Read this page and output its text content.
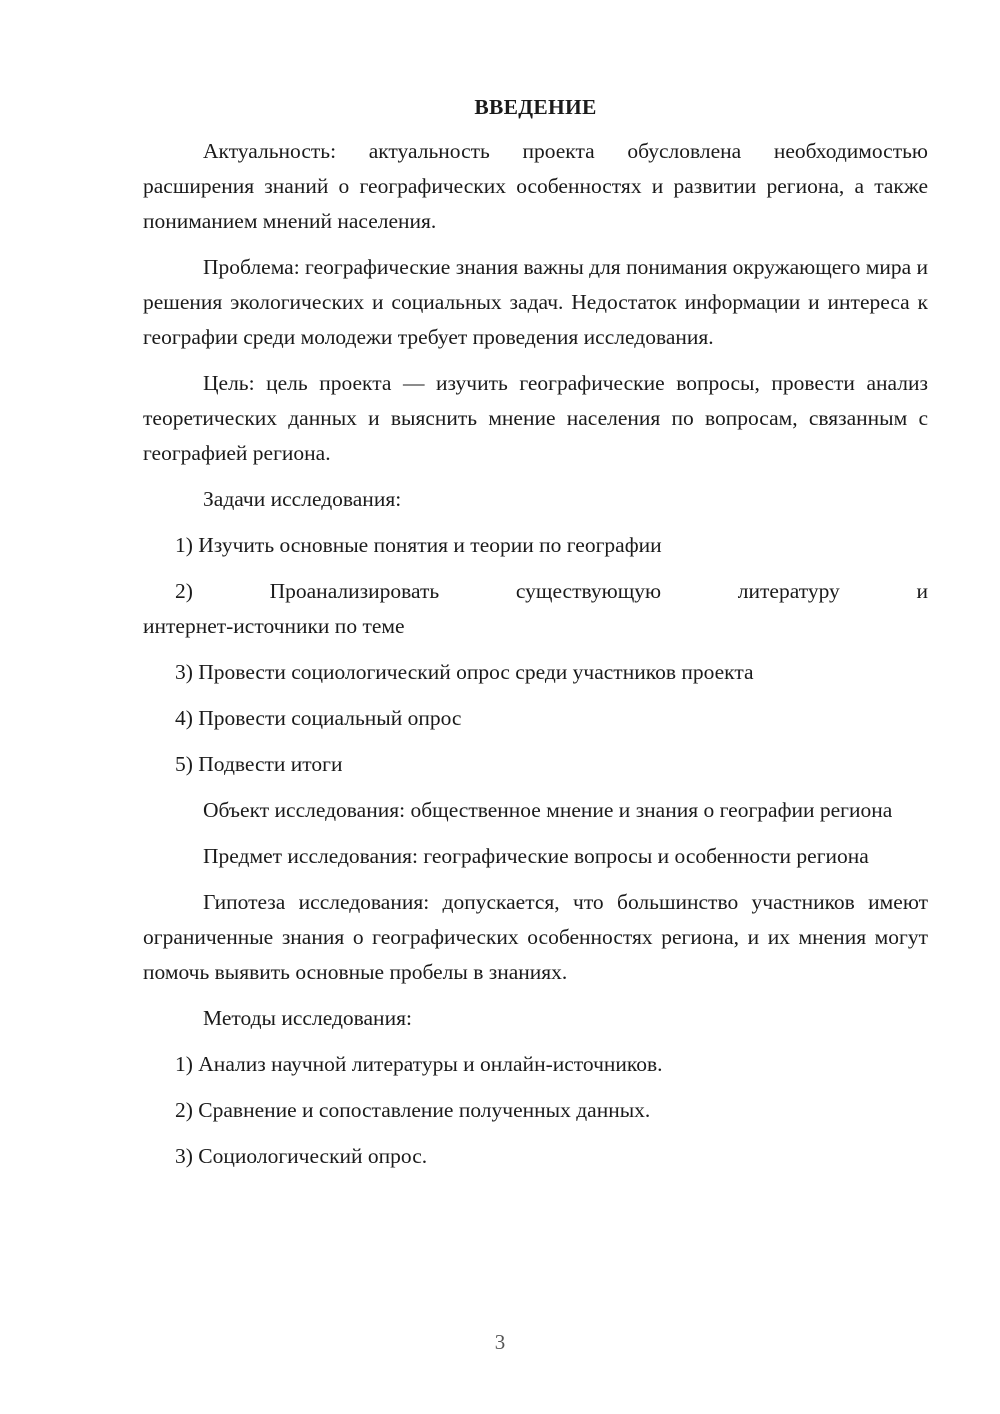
ВВЕДЕНИЕ

Актуальность: актуальность проекта обусловлена необходимостью расширения знаний о географических особенностях и развитии региона, а также пониманием мнений населения.

Проблема: географические знания важны для понимания окружающего мира и решения экологических и социальных задач. Недостаток информации и интереса к географии среди молодежи требует проведения исследования.

Цель: цель проекта — изучить географические вопросы, провести анализ теоретических данных и выяснить мнение населения по вопросам, связанным с географией региона.

Задачи исследования:

1) Изучить основные понятия и теории по географии

2) Проанализировать существующую литературу и
интернет-источники по теме

3) Провести социологический опрос среди участников проекта

4) Провести социальный опрос

5) Подвести итоги

Объект исследования: общественное мнение и знания о географии региона

Предмет исследования: географические вопросы и особенности региона

Гипотеза исследования: допускается, что большинство участников имеют ограниченные знания о географических особенностях региона, и их мнения могут помочь выявить основные пробелы в знаниях.

Методы исследования:

1) Анализ научной литературы и онлайн-источников.

2) Сравнение и сопоставление полученных данных.

3) Социологический опрос.

3
